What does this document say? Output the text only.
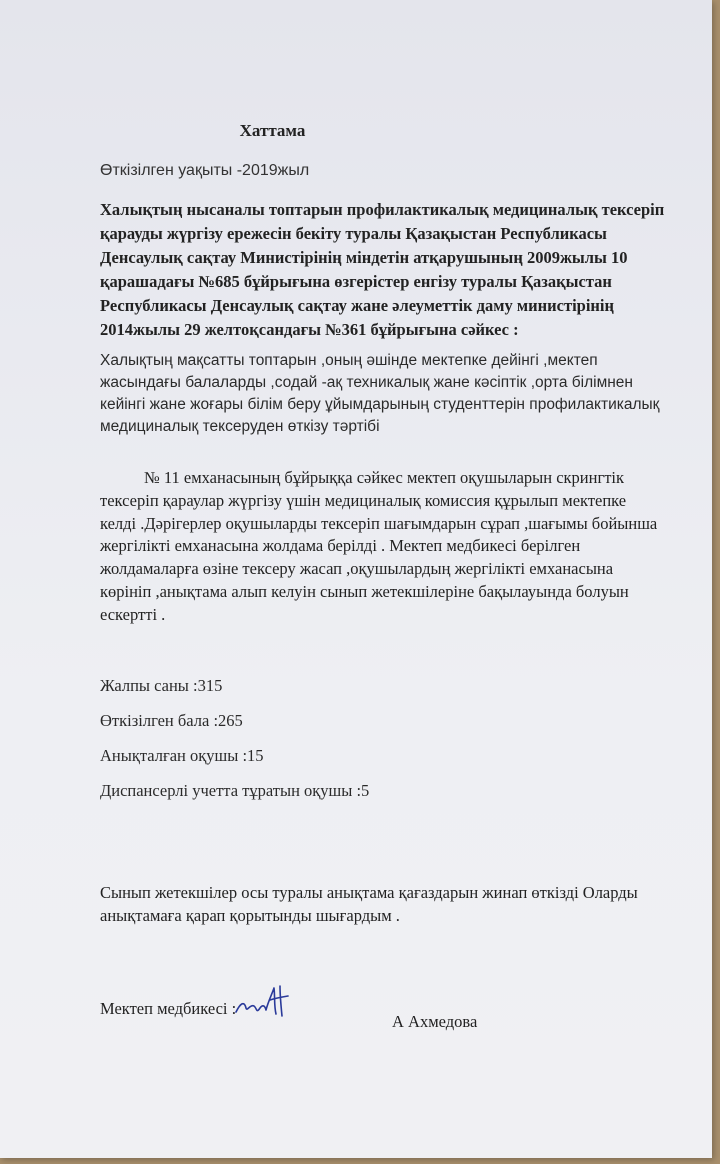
Хаттама

Өткізілген уақыты -2019жыл

Халықтың нысаналы топтарын профилактикалық медициналық тексеріп қарауды жүргізу ережесін бекіту туралы Қазақыстан Республикасы Денсаулық сақтау Министірінің міндетін атқарушының 2009жылы 10 қарашадағы №685 бұйрығына өзгерістер енгізу туралы Қазақыстан Республикасы Денсаулық сақтау жане әлеуметтік даму министірінің 2014жылы 29 желтоқсандағы №361 бұйрығына сәйкес :

Халықтың мақсатты топтарын ,оның әшінде мектепке дейінгі ,мектеп жасындағы балаларды ,содай -ақ техникалық жане кәсіптік ,орта білімнен кейінгі жане жоғары білім беру ұйымдарының студенттерін профилактикалық медициналық тексеруден өткізу тәртібі

№ 11 емханасының бұйрыққа сәйкес мектеп оқушыларын скрингтік тексеріп қараулар жүргізу үшін медициналық комиссия құрылып мектепке келді .Дәрігерлер оқушыларды тексеріп шағымдарын сұрап ,шағымы бойынша жергілікті емханасына жолдама берілді . Мектеп медбикесі берілген жолдамаларға өзіне тексеру жасап ,оқушылардың жергілікті емханасына көрініп ,анықтама алып келуін сынып жетекшілеріне бақылауында болуын ескертті .

Жалпы саны :315
Өткізілген бала :265
Анықталған оқушы :15
Диспансерлі учетта тұратын оқушы :5

Сынып жетекшілер осы туралы анықтама қағаздарын жинап өткізді Оларды анықтамаға қарап қорытынды шығардым .

Мектеп медбикесі :

А Ахмедова
